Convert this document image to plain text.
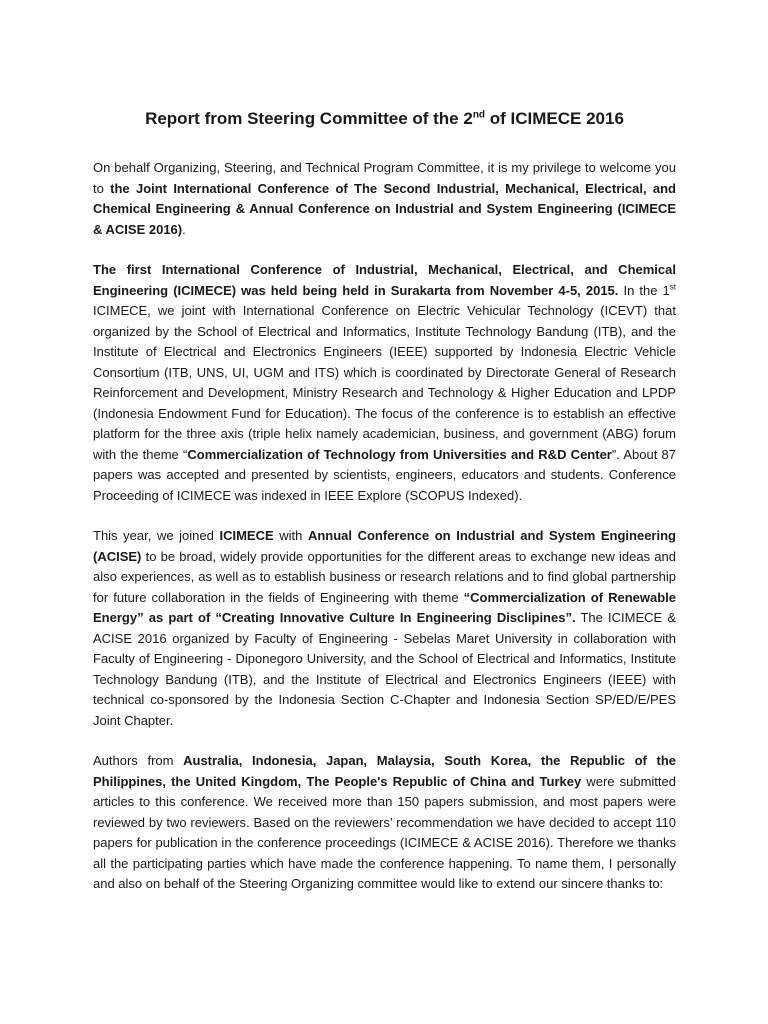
Report from Steering Committee of the 2nd of ICIMECE 2016

On behalf Organizing, Steering, and Technical Program Committee, it is my privilege to welcome you to the Joint International Conference of The Second Industrial, Mechanical, Electrical, and Chemical Engineering & Annual Conference on Industrial and System Engineering (ICIMECE & ACISE 2016).

The first International Conference of Industrial, Mechanical, Electrical, and Chemical Engineering (ICIMECE) was held being held in Surakarta from November 4-5, 2015. In the 1st ICIMECE, we joint with International Conference on Electric Vehicular Technology (ICEVT) that organized by the School of Electrical and Informatics, Institute Technology Bandung (ITB), and the Institute of Electrical and Electronics Engineers (IEEE) supported by Indonesia Electric Vehicle Consortium (ITB, UNS, UI, UGM and ITS) which is coordinated by Directorate General of Research Reinforcement and Development, Ministry Research and Technology & Higher Education and LPDP (Indonesia Endowment Fund for Education). The focus of the conference is to establish an effective platform for the three axis (triple helix namely academician, business, and government (ABG) forum with the theme “Commercialization of Technology from Universities and R&D Center”. About 87 papers was accepted and presented by scientists, engineers, educators and students. Conference Proceeding of ICIMECE was indexed in IEEE Explore (SCOPUS Indexed).

This year, we joined ICIMECE with Annual Conference on Industrial and System Engineering (ACISE) to be broad, widely provide opportunities for the different areas to exchange new ideas and also experiences, as well as to establish business or research relations and to find global partnership for future collaboration in the fields of Engineering with theme “Commercialization of Renewable Energy” as part of “Creating Innovative Culture In Engineering Disclipines”. The ICIMECE & ACISE 2016 organized by Faculty of Engineering - Sebelas Maret University in collaboration with Faculty of Engineering - Diponegoro University, and the School of Electrical and Informatics, Institute Technology Bandung (ITB), and the Institute of Electrical and Electronics Engineers (IEEE) with technical co-sponsored by the Indonesia Section C-Chapter and Indonesia Section SP/ED/E/PES Joint Chapter.

Authors from Australia, Indonesia, Japan, Malaysia, South Korea, the Republic of the Philippines, the United Kingdom, The People's Republic of China and Turkey were submitted articles to this conference. We received more than 150 papers submission, and most papers were reviewed by two reviewers. Based on the reviewers’ recommendation we have decided to accept 110 papers for publication in the conference proceedings (ICIMECE & ACISE 2016). Therefore we thanks all the participating parties which have made the conference happening. To name them, I personally and also on behalf of the Steering Organizing committee would like to extend our sincere thanks to:
